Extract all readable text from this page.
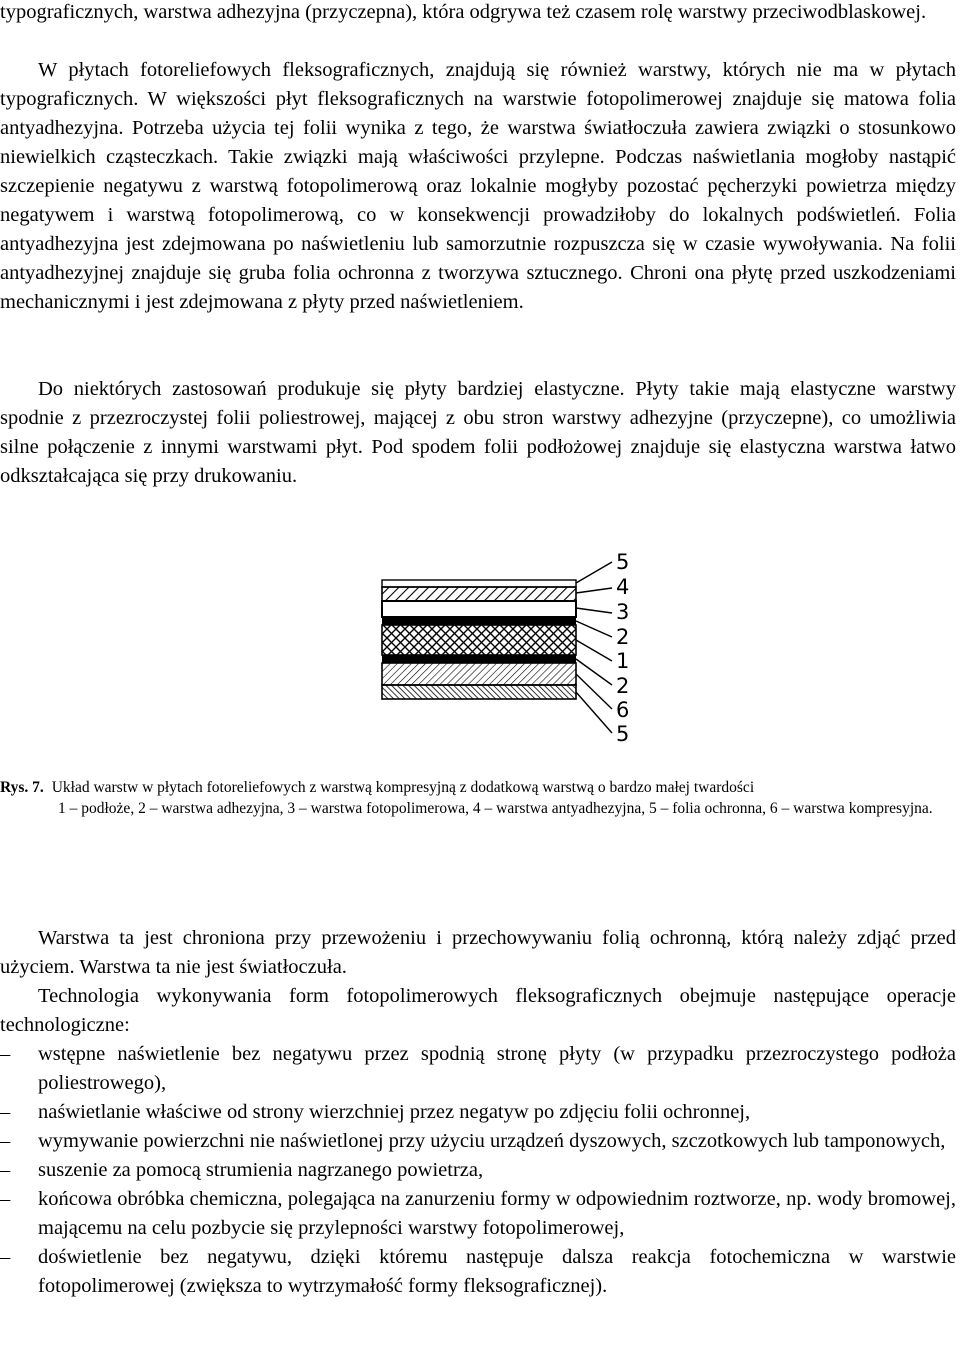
typograficznych, warstwa adhezyjna (przyczepna), która odgrywa też czasem rolę warstwy przeciwodblaskowej.

W płytach fotoreliefowych fleksograficznych, znajdują się również warstwy, których nie ma w płytach typograficznych. W większości płyt fleksograficznych na warstwie fotopolimerowej znajduje się matowa folia antyadhezyjna. Potrzeba użycia tej folii wynika z tego, że warstwa światłoczuła zawiera związki o stosunkowo niewielkich cząsteczkach. Takie związki mają właściwości przylepne. Podczas naświetlania mogłoby nastąpić szczepienie negatywu z warstwą fotopolimerową oraz lokalnie mogłyby pozostać pęcherzyki powietrza między negatywem i warstwą fotopolimerową, co w konsekwencji prowadziłoby do lokalnych podświetleń. Folia antyadhezyjna jest zdejmowana po naświetleniu lub samorzutnie rozpuszcza się w czasie wywoływania. Na folii antyadhezyjnej znajduje się gruba folia ochronna z tworzywa sztucznego. Chroni ona płytę przed uszkodzeniami mechanicznymi i jest zdejmowana z płyty przed naświetleniem.

Do niektórych zastosowań produkuje się płyty bardziej elastyczne. Płyty takie mają elastyczne warstwy spodnie z przezroczystej folii poliestrowej, mającej z obu stron warstwy adhezyjne (przyczepne), co umożliwia silne połączenie z innymi warstwami płyt. Pod spodem folii podłożowej znajduje się elastyczna warstwa łatwo odkształcająca się przy drukowaniu.

5
4
3
2
1
2
6
5
Rys. 7. Układ warstw w płytach fotoreliefowych z warstwą kompresyjną z dodatkową warstwą o bardzo małej twardości
1 – podłoże, 2 – warstwa adhezyjna, 3 – warstwa fotopolimerowa, 4 – warstwa antyadhezyjna, 5 – folia ochronna, 6 – warstwa kompresyjna.

Warstwa ta jest chroniona przy przewożeniu i przechowywaniu folią ochronną, którą należy zdjąć przed użyciem. Warstwa ta nie jest światłoczuła.

Technologia wykonywania form fotopolimerowych fleksograficznych obejmuje następujące operacje technologiczne:

– wstępne naświetlenie bez negatywu przez spodnią stronę płyty (w przypadku przezroczystego podłoża poliestrowego),
– naświetlanie właściwe od strony wierzchniej przez negatyw po zdjęciu folii ochronnej,
– wymywanie powierzchni nie naświetlonej przy użyciu urządzeń dyszowych, szczotkowych lub tamponowych,
– suszenie za pomocą strumienia nagrzanego powietrza,
– końcowa obróbka chemiczna, polegająca na zanurzeniu formy w odpowiednim roztworze, np. wody bromowej, mającemu na celu pozbycie się przylepności warstwy fotopolimerowej,
– doświetlenie bez negatywu, dzięki któremu następuje dalsza reakcja fotochemiczna w warstwie fotopolimerowej (zwiększa to wytrzymałość formy fleksograficznej).
